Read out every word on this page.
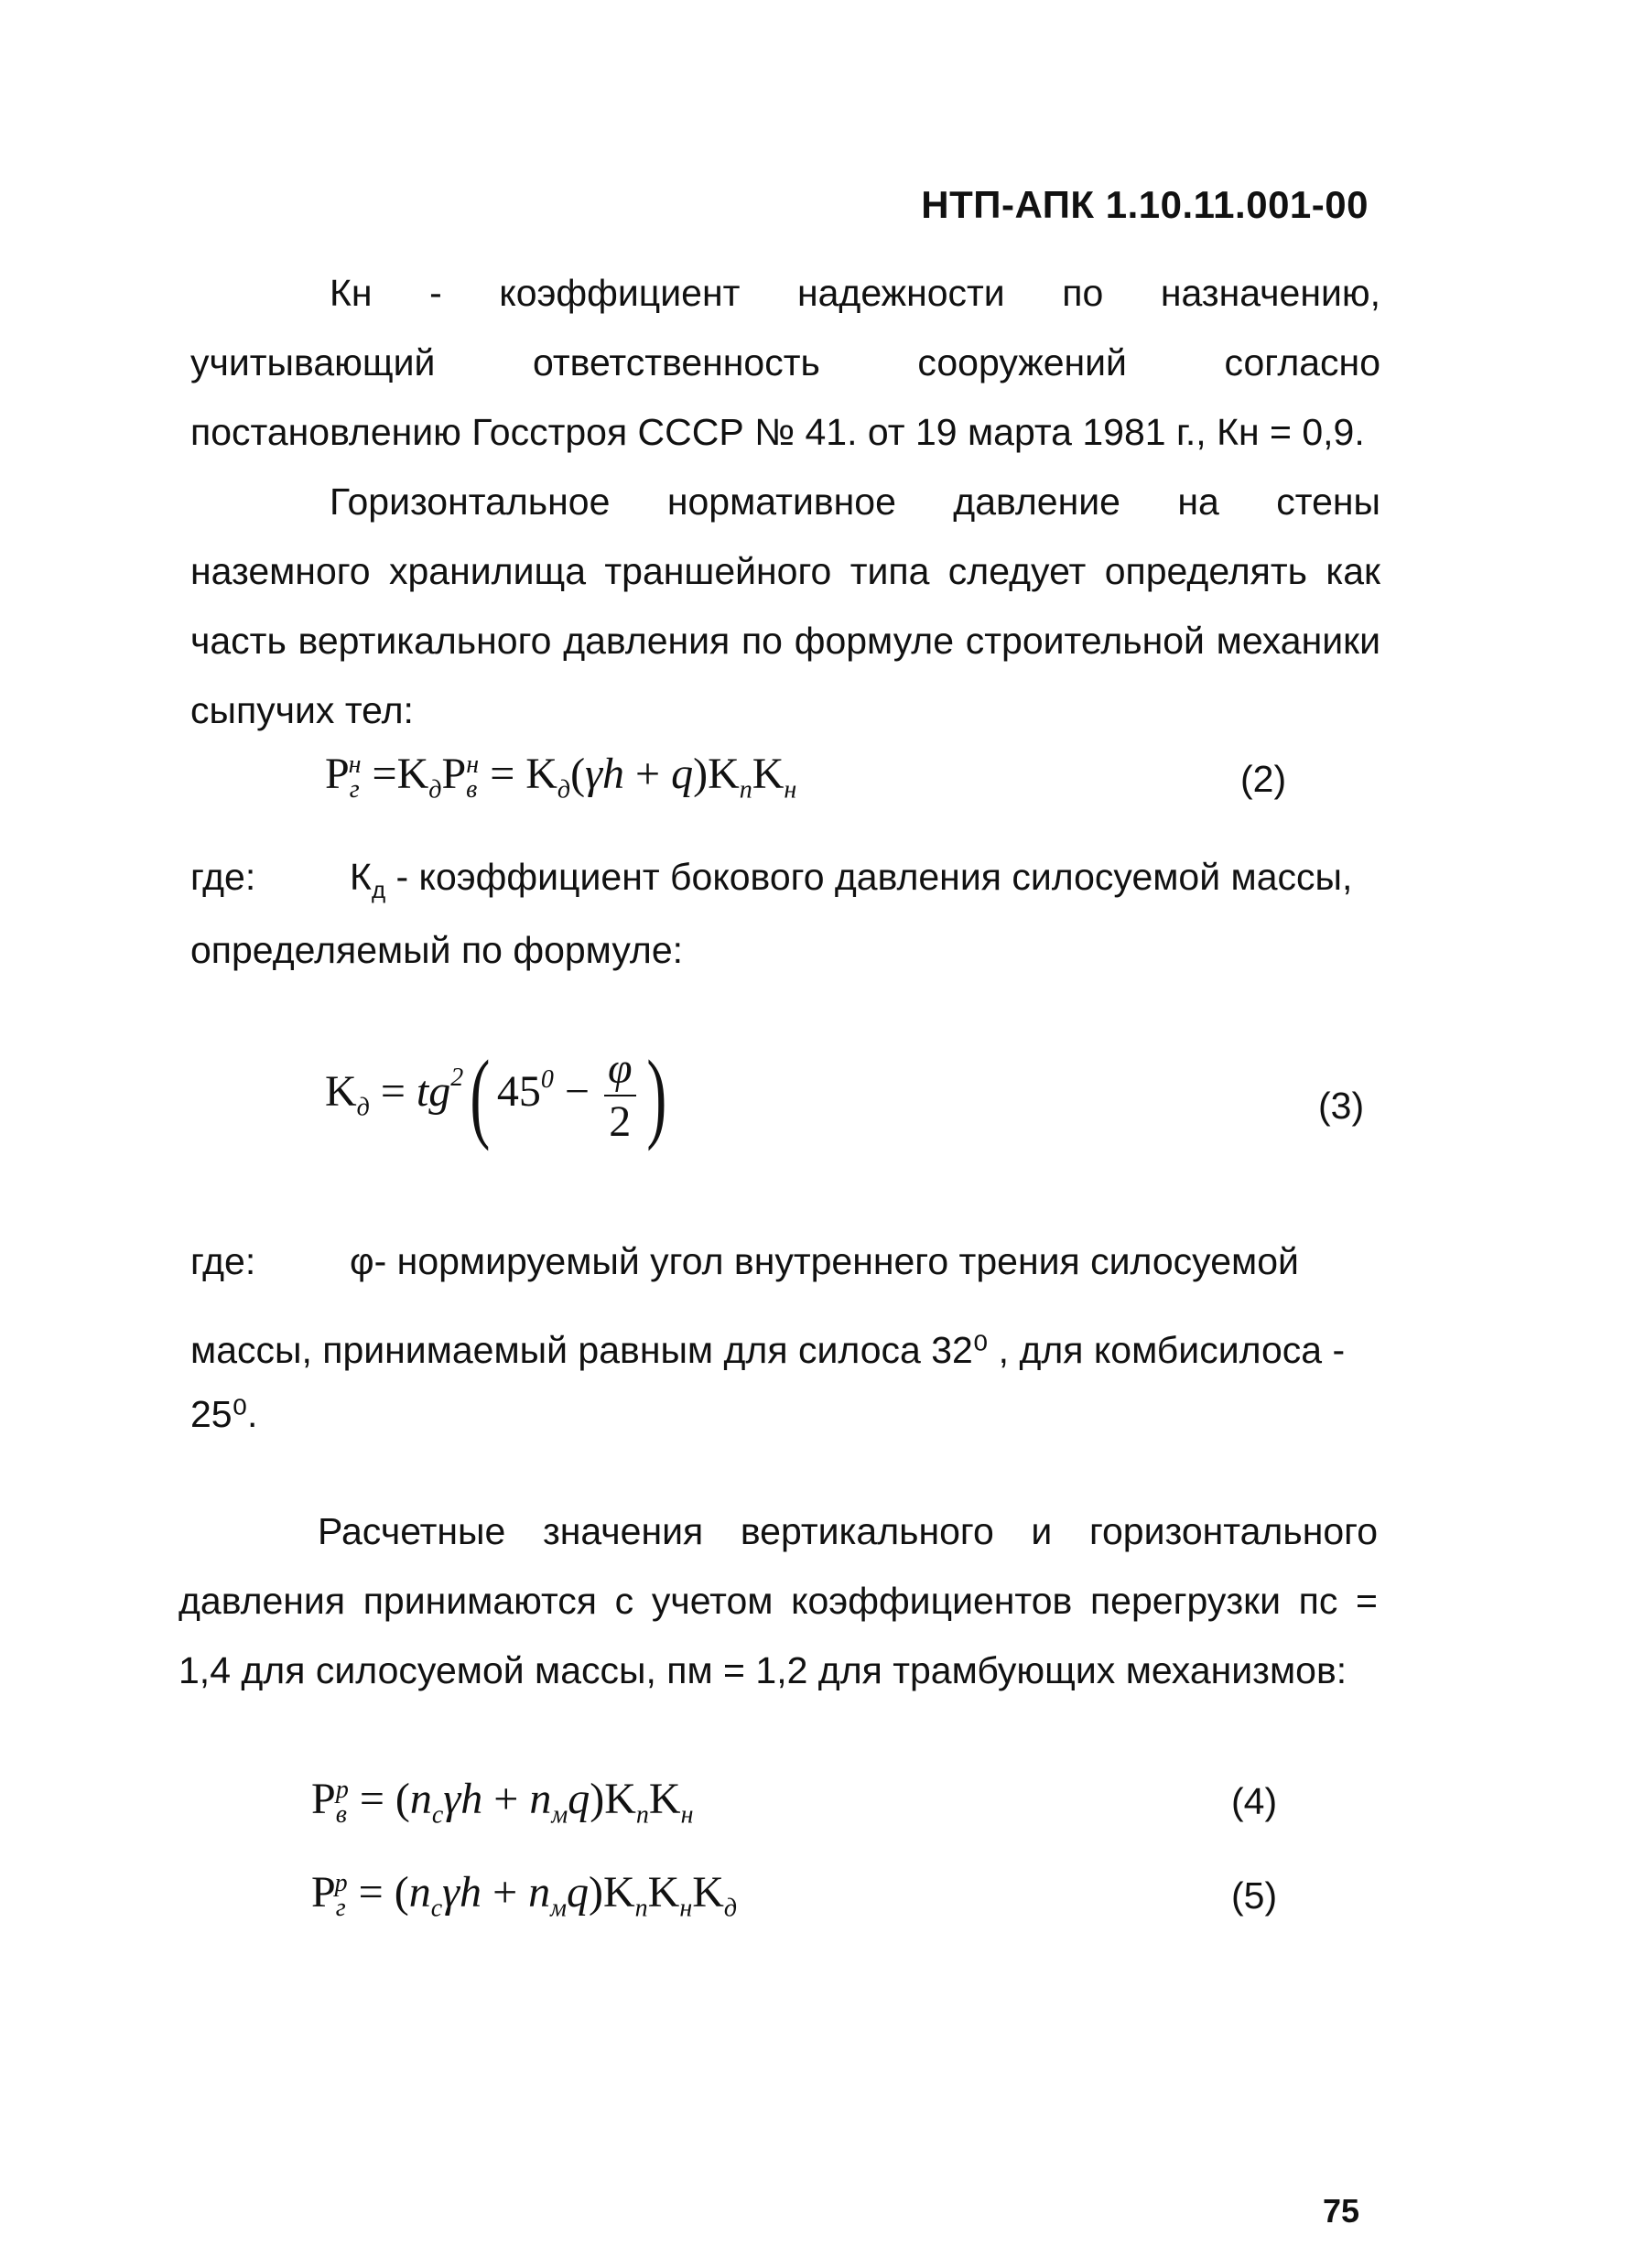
НТП-АПК 1.10.11.001-00
Кн - коэффициент надежности по назначению, учитывающий ответственность сооружений согласно постановлению Госстроя СССР № 41. от 19 марта 1981 г., Кн = 0,9.
Горизонтальное нормативное давление на стены наземного хранилища траншейного типа следует определять как часть вертикального давления по формуле строительной механики сыпучих тел:
$P_г^н =K_дP_в^н = K_д(\gamma h + q)K_пK_н$	(2)
где:	$К_д$ - коэффициент бокового давления силосуемой массы,
определяемый по формуле:
$K_д = tg^2$( $45^0 - \frac{\varphi}{2}$ )	(3)
где:	φ- нормируемый угол внутреннего трения силосуемой
массы, принимаемый равным для силоса 32⁰ , для комбисилоса - 25⁰.
Расчетные значения вертикального и горизонтального давления принимаются с учетом коэффициентов перегрузки пс = 1,4 для силосуемой массы, пм = 1,2 для трамбующих механизмов:
$P_в^р = (n_с\gamma h + n_мq)K_пK_н$	(4)
$P_г^р = (n_с\gamma h + n_мq)K_пK_нK_д$	(5)
75
